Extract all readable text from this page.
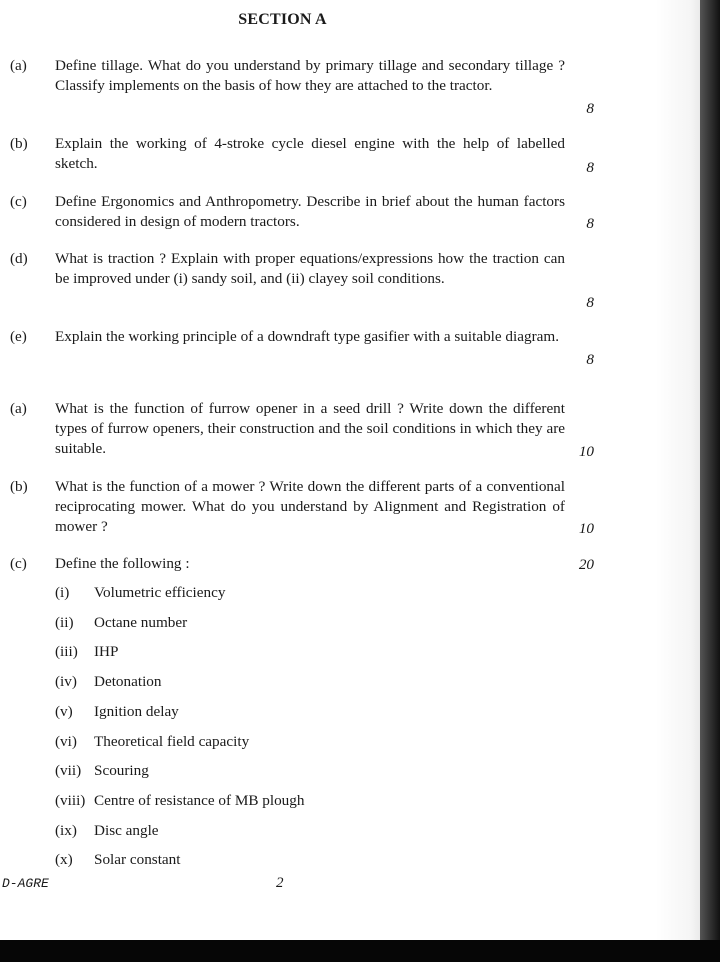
SECTION A
(a) Define tillage. What do you understand by primary tillage and secondary tillage ? Classify implements on the basis of how they are attached to the tractor.
8
(b) Explain the working of 4-stroke cycle diesel engine with the help of labelled sketch.	8
(c) Define Ergonomics and Anthropometry. Describe in brief about the human factors considered in design of modern tractors.	8
(d) What is traction ? Explain with proper equations/expressions how the traction can be improved under (i) sandy soil, and (ii) clayey soil conditions.
8
(e) Explain the working principle of a downdraft type gasifier with a suitable diagram.
8
(a) What is the function of furrow opener in a seed drill ? Write down the different types of furrow openers, their construction and the soil conditions in which they are suitable.	10
(b) What is the function of a mower ? Write down the different parts of a conventional reciprocating mower. What do you understand by Alignment and Registration of mower ?	10
(c) Define the following :	20
(i) Volumetric efficiency
(ii) Octane number
(iii) IHP
(iv) Detonation
(v) Ignition delay
(vi) Theoretical field capacity
(vii) Scouring
(viii) Centre of resistance of MB plough
(ix) Disc angle
(x) Solar constant
D-AGRE	2
